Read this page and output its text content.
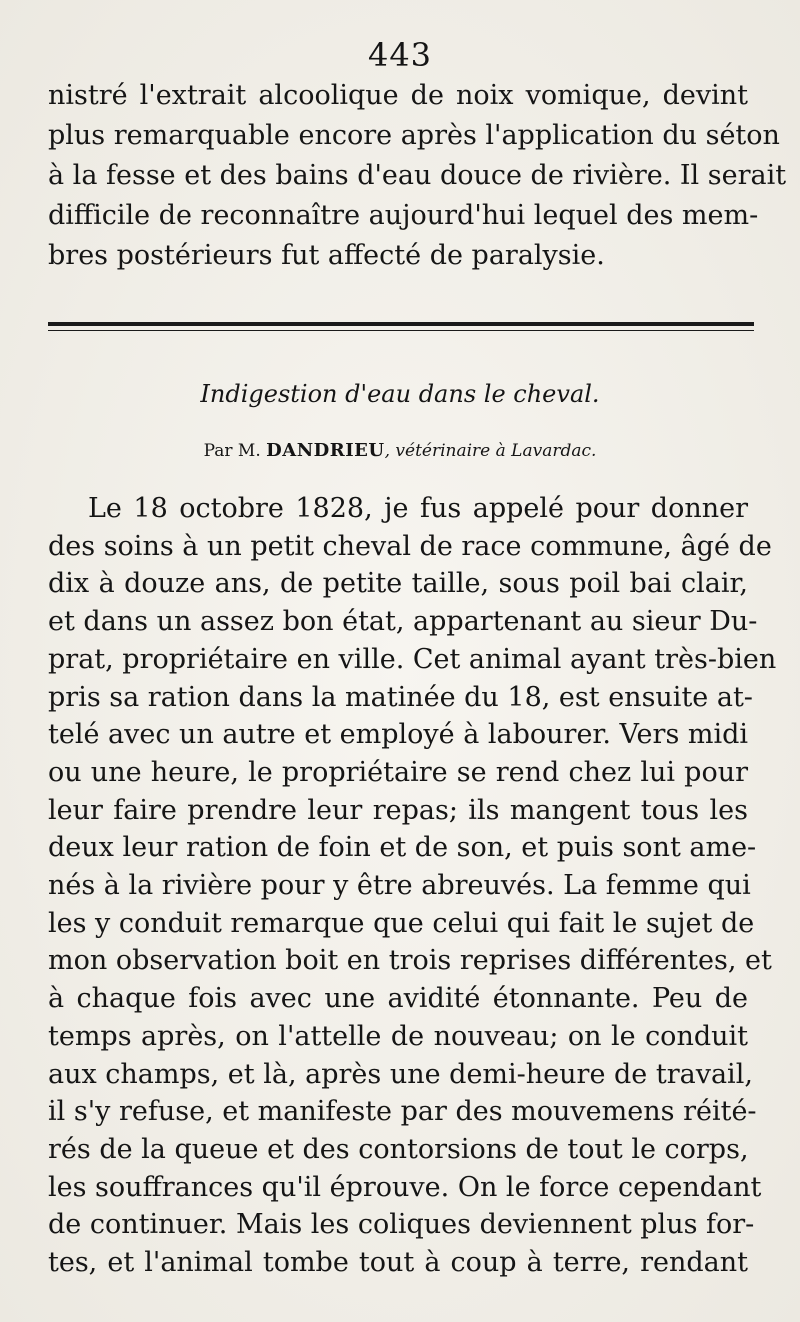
443
nistré l'extrait alcoolique de noix vomique, devint
plus remarquable encore après l'application du séton
à la fesse et des bains d'eau douce de rivière. Il serait
difficile de reconnaître aujourd'hui lequel des mem-
bres postérieurs fut affecté de paralysie.
Indigestion d'eau dans le cheval.
Par M. DANDRIEU, vétérinaire à Lavardac.
Le 18 octobre 1828, je fus appelé pour donner
des soins à un petit cheval de race commune, âgé de
dix à douze ans, de petite taille, sous poil bai clair,
et dans un assez bon état, appartenant au sieur Du-
prat, propriétaire en ville. Cet animal ayant très-bien
pris sa ration dans la matinée du 18, est ensuite at-
telé avec un autre et employé à labourer. Vers midi
ou une heure, le propriétaire se rend chez lui pour
leur faire prendre leur repas; ils mangent tous les
deux leur ration de foin et de son, et puis sont ame-
nés à la rivière pour y être abreuvés. La femme qui
les y conduit remarque que celui qui fait le sujet de
mon observation boit en trois reprises différentes, et
à chaque fois avec une avidité étonnante. Peu de
temps après, on l'attelle de nouveau; on le conduit
aux champs, et là, après une demi-heure de travail,
il s'y refuse, et manifeste par des mouvemens réité-
rés de la queue et des contorsions de tout le corps,
les souffrances qu'il éprouve. On le force cependant
de continuer. Mais les coliques deviennent plus for-
tes, et l'animal tombe tout à coup à terre, rendant
